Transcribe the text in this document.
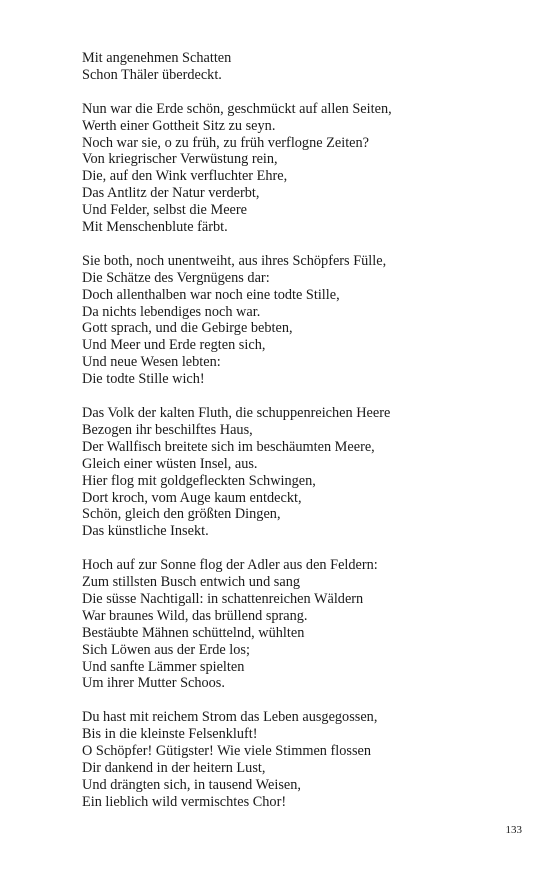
Mit angenehmen Schatten
Schon Thäler überdeckt.
Nun war die Erde schön, geschmückt auf allen Seiten,
Werth einer Gottheit Sitz zu seyn.
Noch war sie, o zu früh, zu früh verflogne Zeiten?
Von kriegrischer Verwüstung rein,
Die, auf den Wink verfluchter Ehre,
Das Antlitz der Natur verderbt,
Und Felder, selbst die Meere
Mit Menschenblute färbt.
Sie both, noch unentweiht, aus ihres Schöpfers Fülle,
Die Schätze des Vergnügens dar:
Doch allenthalben war noch eine todte Stille,
Da nichts lebendiges noch war.
Gott sprach, und die Gebirge bebten,
Und Meer und Erde regten sich,
Und neue Wesen lebten:
Die todte Stille wich!
Das Volk der kalten Fluth, die schuppenreichen Heere
Bezogen ihr beschilftes Haus,
Der Wallfisch breitete sich im beschäumten Meere,
Gleich einer wüsten Insel, aus.
Hier flog mit goldgefleckten Schwingen,
Dort kroch, vom Auge kaum entdeckt,
Schön, gleich den größten Dingen,
Das künstliche Insekt.
Hoch auf zur Sonne flog der Adler aus den Feldern:
Zum stillsten Busch entwich und sang
Die süsse Nachtigall: in schattenreichen Wäldern
War braunes Wild, das brüllend sprang.
Bestäubte Mähnen schüttelnd, wühlten
Sich Löwen aus der Erde los;
Und sanfte Lämmer spielten
Um ihrer Mutter Schoos.
Du hast mit reichem Strom das Leben ausgegossen,
Bis in die kleinste Felsenkluft!
O Schöpfer! Gütigster! Wie viele Stimmen flossen
Dir dankend in der heitern Lust,
Und drängten sich, in tausend Weisen,
Ein lieblich wild vermischtes Chor!
133
